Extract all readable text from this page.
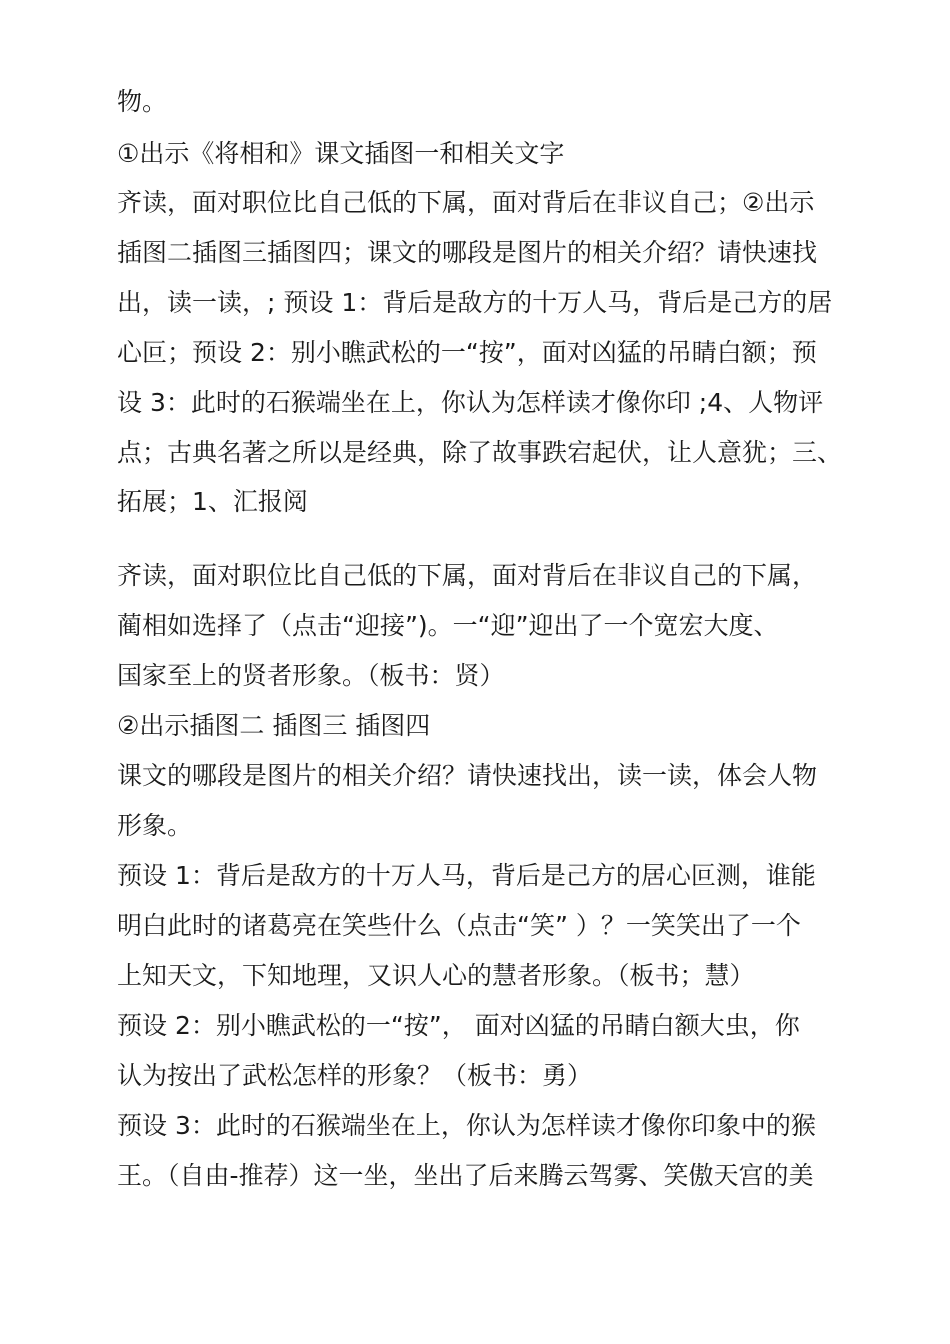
物。
①出示《将相和》课文插图一和相关文字
齐读，面对职位比自己低的下属，面对背后在非议自己；②出示
插图二插图三插图四；课文的哪段是图片的相关介绍？请快速找
出，读一读，; 预设 1：背后是敌方的十万人马，背后是己方的居
心叵；预设 2：别小瞧武松的一“按”，面对凶猛的吊睛白额；预
设 3：此时的石猴端坐在上，你认为怎样读才像你印 ;4、人物评
点；古典名著之所以是经典，除了故事跌宕起伏，让人意犹；三、
拓展；1、汇报阅
齐读，面对职位比自己低的下属，面对背后在非议自己的下属，
蔺相如选择了（点击“迎接”)。一“迎”迎出了一个宽宏大度、
国家至上的贤者形象。（板书：贤）
②出示插图二 插图三 插图四
课文的哪段是图片的相关介绍？请快速找出，读一读，体会人物
形象。
预设 1：背后是敌方的十万人马，背后是己方的居心叵测，谁能
明白此时的诸葛亮在笑些什么（点击“笑” ）？一笑笑出了一个
上知天文，下知地理，又识人心的慧者形象。（板书；慧）
预设 2：别小瞧武松的一“按”， 面对凶猛的吊睛白额大虫，你
认为按出了武松怎样的形象？（板书：勇）
预设 3：此时的石猴端坐在上，你认为怎样读才像你印象中的猴
王。（自由-推荐）这一坐，坐出了后来腾云驾雾、笑傲天宫的美
